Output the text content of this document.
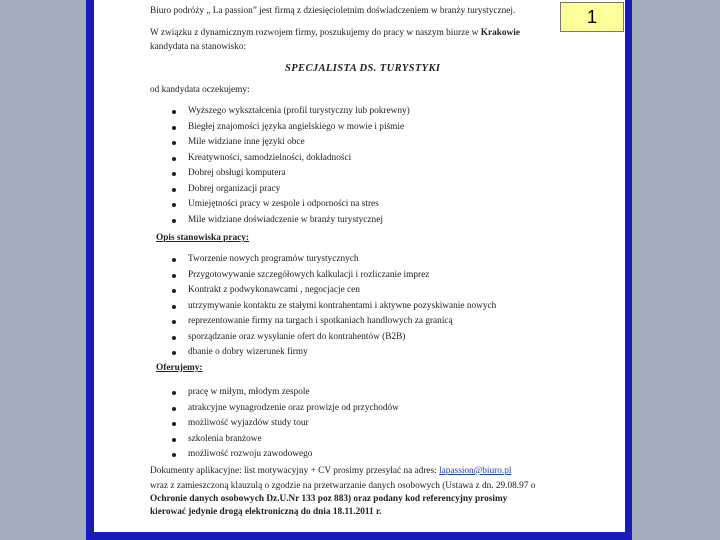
Biuro podróży „ La passion” jest firmą z dziesięcioletnim doświadczeniem w branży turystycznej.
W związku z dynamicznym rozwojem firmy, poszukujemy do pracy w naszym biurze w Krakowie
kandydata na stanowisko:
SPECJALISTA DS. TURYSTYKI
od kandydata oczekujemy:
Wyższego wykształcenia (profil turystyczny lub pokrewny)
Biegłej znajomości języka angielskiego w mowie i piśmie
Mile widziane inne języki obce
Kreatywności, samodzielności, dokładności
Dobrej obsługi komputera
Dobrej organizacji pracy
Umiejętności pracy w zespole i odporności na stres
Mile widziane doświadczenie w branży turystycznej
Opis stanowiska pracy:
Tworzenie nowych programów turystycznych
Przygotowywanie szczegółowych kalkulacji i rozliczanie imprez
Kontrakt z podwykonawcami , negocjacje cen
utrzymywanie kontaktu ze stałymi kontrahentami i aktywne pozyskiwanie nowych
reprezentowanie firmy na targach i spotkaniach handlowych za granicą
sporządzanie oraz wysyłanie ofert do kontrahentów (B2B)
dbanie o dobry wizerunek firmy
Oferujemy:
pracę w miłym, młodym zespole
atrakcyjne wynagrodzenie oraz prowizje od przychodów
możliwość wyjazdów study tour
szkolenia branżowe
możliwość rozwoju zawodowego
Dokumenty aplikacyjne: list motywacyjny + CV prosimy przesyłać na adres: lapassion@biuro.pl
wraz z zamieszczoną klauzulą o zgodzie na przetwarzanie danych osobowych (Ustawa z dn. 29.08.97 o
Ochronie danych osobowych Dz.U.Nr 133 poz 883) oraz podany kod referencyjny prosimy
kierować jedynie drogą elektroniczną do dnia 18.11.2011 r.
1
